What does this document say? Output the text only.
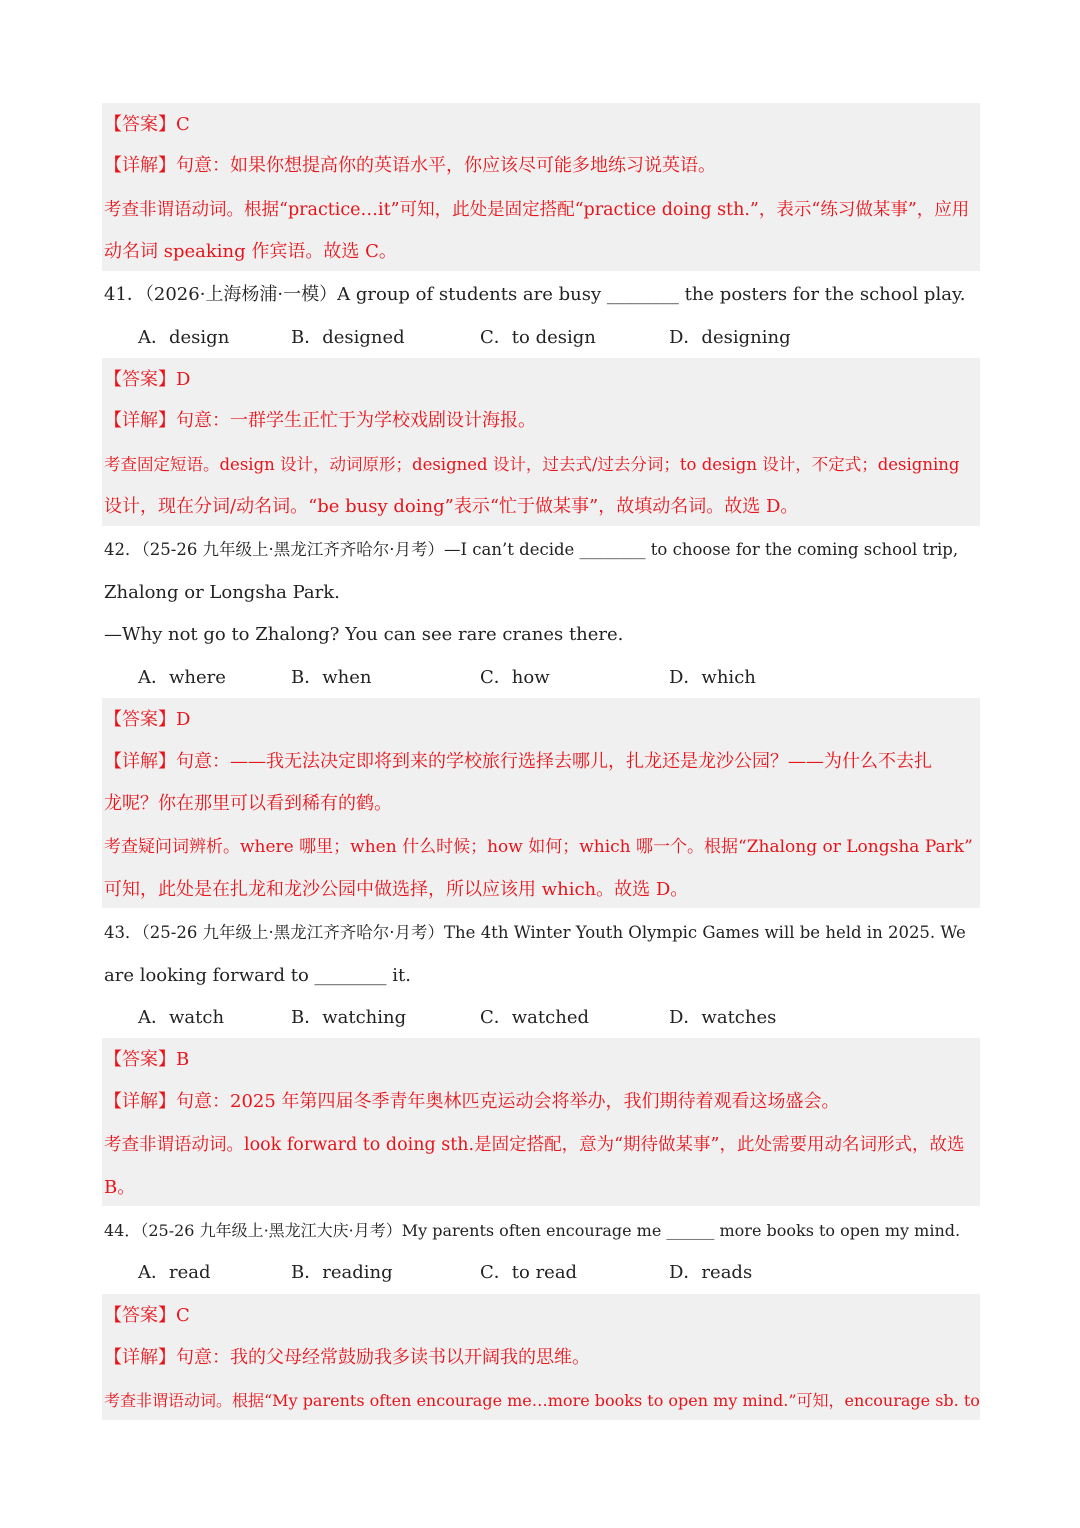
【答案】C
【详解】句意：如果你想提高你的英语水平，你应该尽可能多地练习说英语。
考查非谓语动词。根据“practice…it”可知，此处是固定搭配“practice doing sth.”，表示“练习做某事”，应用
动名词 speaking 作宾语。故选 C。
41．（2026·上海杨浦·一模）A group of students are busy ________ the posters for the school play.
A．design	B．designed	C．to design	D．designing
【答案】D
【详解】句意：一群学生正忙于为学校戏剧设计海报。
考查固定短语。design 设计，动词原形；designed 设计，过去式/过去分词；to design 设计，不定式；designing
设计，现在分词/动名词。“be busy doing”表示“忙于做某事”，故填动名词。故选 D。
42．（25-26 九年级上·黑龙江齐齐哈尔·月考）—I can’t decide ________ to choose for the coming school trip,
Zhalong or Longsha Park.
—Why not go to Zhalong? You can see rare cranes there.
A．where	B．when	C．how	D．which
【答案】D
【详解】句意：——我无法决定即将到来的学校旅行选择去哪儿，扎龙还是龙沙公园？——为什么不去扎
龙呢？你在那里可以看到稀有的鹤。
考查疑问词辨析。where 哪里；when 什么时候；how 如何；which 哪一个。根据“Zhalong or Longsha Park”
可知，此处是在扎龙和龙沙公园中做选择，所以应该用 which。故选 D。
43．（25-26 九年级上·黑龙江齐齐哈尔·月考）The 4th Winter Youth Olympic Games will be held in 2025. We
are looking forward to ________ it.
A．watch	B．watching	C．watched	D．watches
【答案】B
【详解】句意：2025 年第四届冬季青年奥林匹克运动会将举办，我们期待着观看这场盛会。
考查非谓语动词。look forward to doing sth.是固定搭配，意为“期待做某事”，此处需要用动名词形式，故选
B。
44．（25-26 九年级上·黑龙江大庆·月考）My parents often encourage me ______ more books to open my mind.
A．read	B．reading	C．to read	D．reads
【答案】C
【详解】句意：我的父母经常鼓励我多读书以开阔我的思维。
考查非谓语动词。根据“My parents often encourage me…more books to open my mind.”可知，encourage sb. to
